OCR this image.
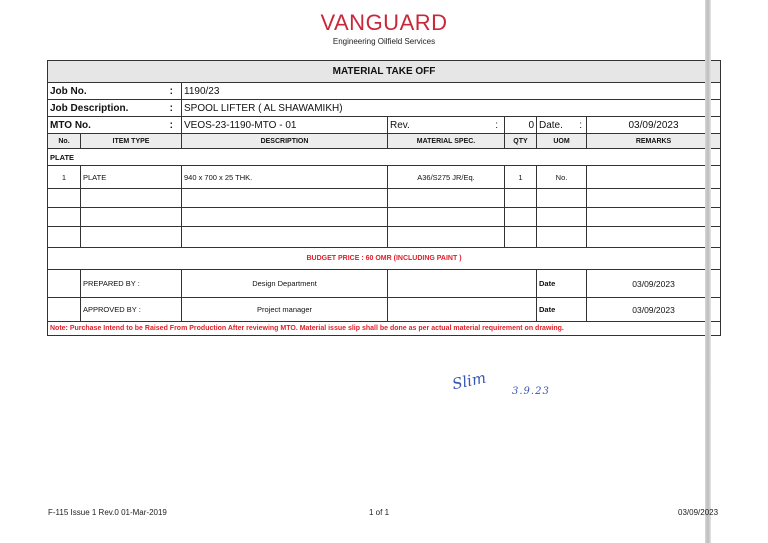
VANGUARD
Engineering Oilfield Services
MATERIAL TAKE OFF						
Job No. :		1190/23				
Job Description. :		SPOOL LIFTER ( AL SHAWAMIKH)				
MTO No. :		VEOS-23-1190-MTO - 01	Rev. :	0	Date. :	03/09/2023
No.	ITEM TYPE	DESCRIPTION	MATERIAL SPEC.	QTY	UOM	REMARKS
PLATE						
1	PLATE	940 x 700 x 25 THK.	A36/S275 JR/Eq.	1	No.	

BUDGET PRICE : 60 OMR (INCLUDING PAINT )						
	PREPARED BY :	Design Department			Date	03/09/2023
	APPROVED BY :	Project manager			Date	03/09/2023
Note: Purchase Intend to be Raised From Production After reviewing MTO. Material issue slip shall be done as per actual material requirement on drawing.						
Slim 3.9.23
F-115 Issue 1 Rev.0 01-Mar-2019	1 of 1	03/09/2023
